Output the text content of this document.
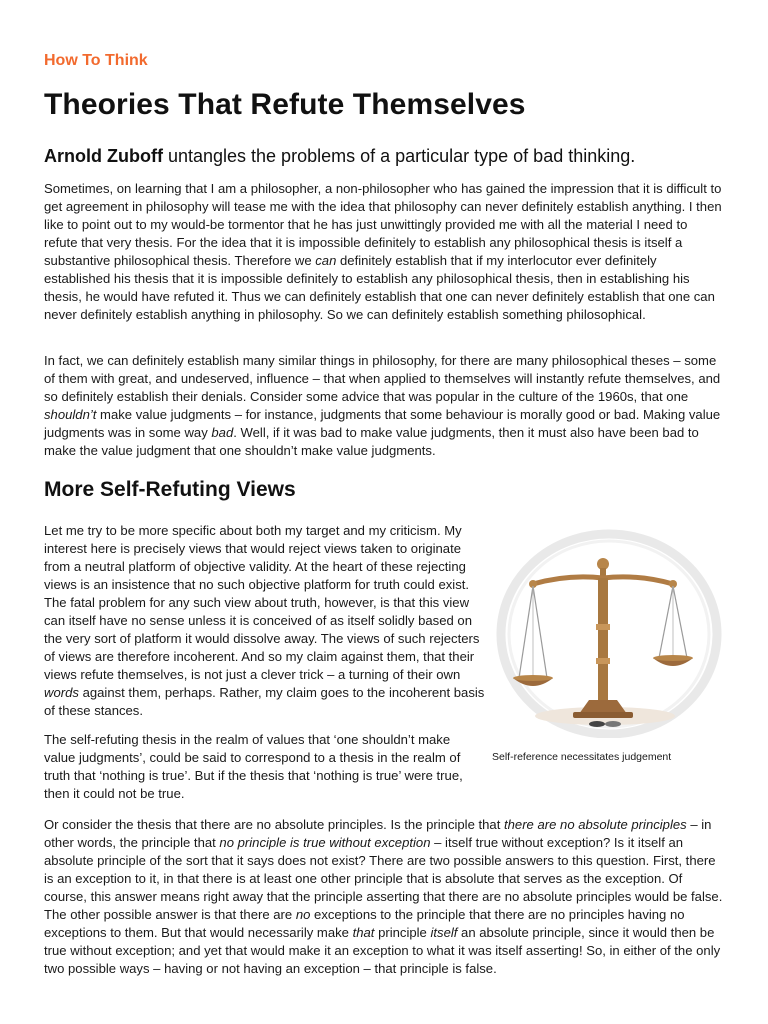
How To Think
Theories That Refute Themselves
Arnold Zuboff untangles the problems of a particular type of bad thinking.

Sometimes, on learning that I am a philosopher, a non-philosopher who has gained the impression that it is difficult to get agreement in philosophy will tease me with the idea that philosophy can never definitely establish anything. I then like to point out to my would-be tormentor that he has just unwittingly provided me with all the material I need to refute that very thesis. For the idea that it is impossible definitely to establish any philosophical thesis is itself a substantive philosophical thesis. Therefore we can definitely establish that if my interlocutor ever definitely established his thesis that it is impossible definitely to establish any philosophical thesis, then in establishing his thesis, he would have refuted it. Thus we can definitely establish that one can never definitely establish that one can never definitely establish anything in philosophy. So we can definitely establish something philosophical.

In fact, we can definitely establish many similar things in philosophy, for there are many philosophical theses – some of them with great, and undeserved, influence – that when applied to themselves will instantly refute themselves, and so definitely establish their denials. Consider some advice that was popular in the culture of the 1960s, that one shouldn’t make value judgments – for instance, judgments that some behaviour is morally good or bad. Making value judgments was in some way bad. Well, if it was bad to make value judgments, then it must also have been bad to make the value judgment that one shouldn’t make value judgments.

More Self-Refuting Views

Let me try to be more specific about both my target and my criticism. My interest here is precisely views that would reject views taken to originate from a neutral platform of objective validity. At the heart of these rejecting views is an insistence that no such objective platform for truth could exist. The fatal problem for any such view about truth, however, is that this view can itself have no sense unless it is conceived of as itself solidly based on the very sort of platform it would dissolve away. The views of such rejecters of views are therefore incoherent. And so my claim against them, that their views refute themselves, is not just a clever trick – a turning of their own words against them, perhaps. Rather, my claim goes to the incoherent basis of these stances.

The self-refuting thesis in the realm of values that ‘one shouldn’t make value judgments’, could be said to correspond to a thesis in the realm of truth that ‘nothing is true’. But if the thesis that ‘nothing is true’ were true, then it could not be true.

Or consider the thesis that there are no absolute principles. Is the principle that there are no absolute principles – in other words, the principle that no principle is true without exception – itself true without exception? Is it itself an absolute principle of the sort that it says does not exist? There are two possible answers to this question. First, there is an exception to it, in that there is at least one other principle that is absolute that serves as the exception. Of course, this answer means right away that the principle asserting that there are no absolute principles would be false. The other possible answer is that there are no exceptions to the principle that there are no principles having no exceptions to them. But that would necessarily make that principle itself an absolute principle, since it would then be true without exception; and yet that would make it an exception to what it was itself asserting! So, in either of the only two possible ways – having or not having an exception – that principle is false.

Self-reference necessitates judgement
